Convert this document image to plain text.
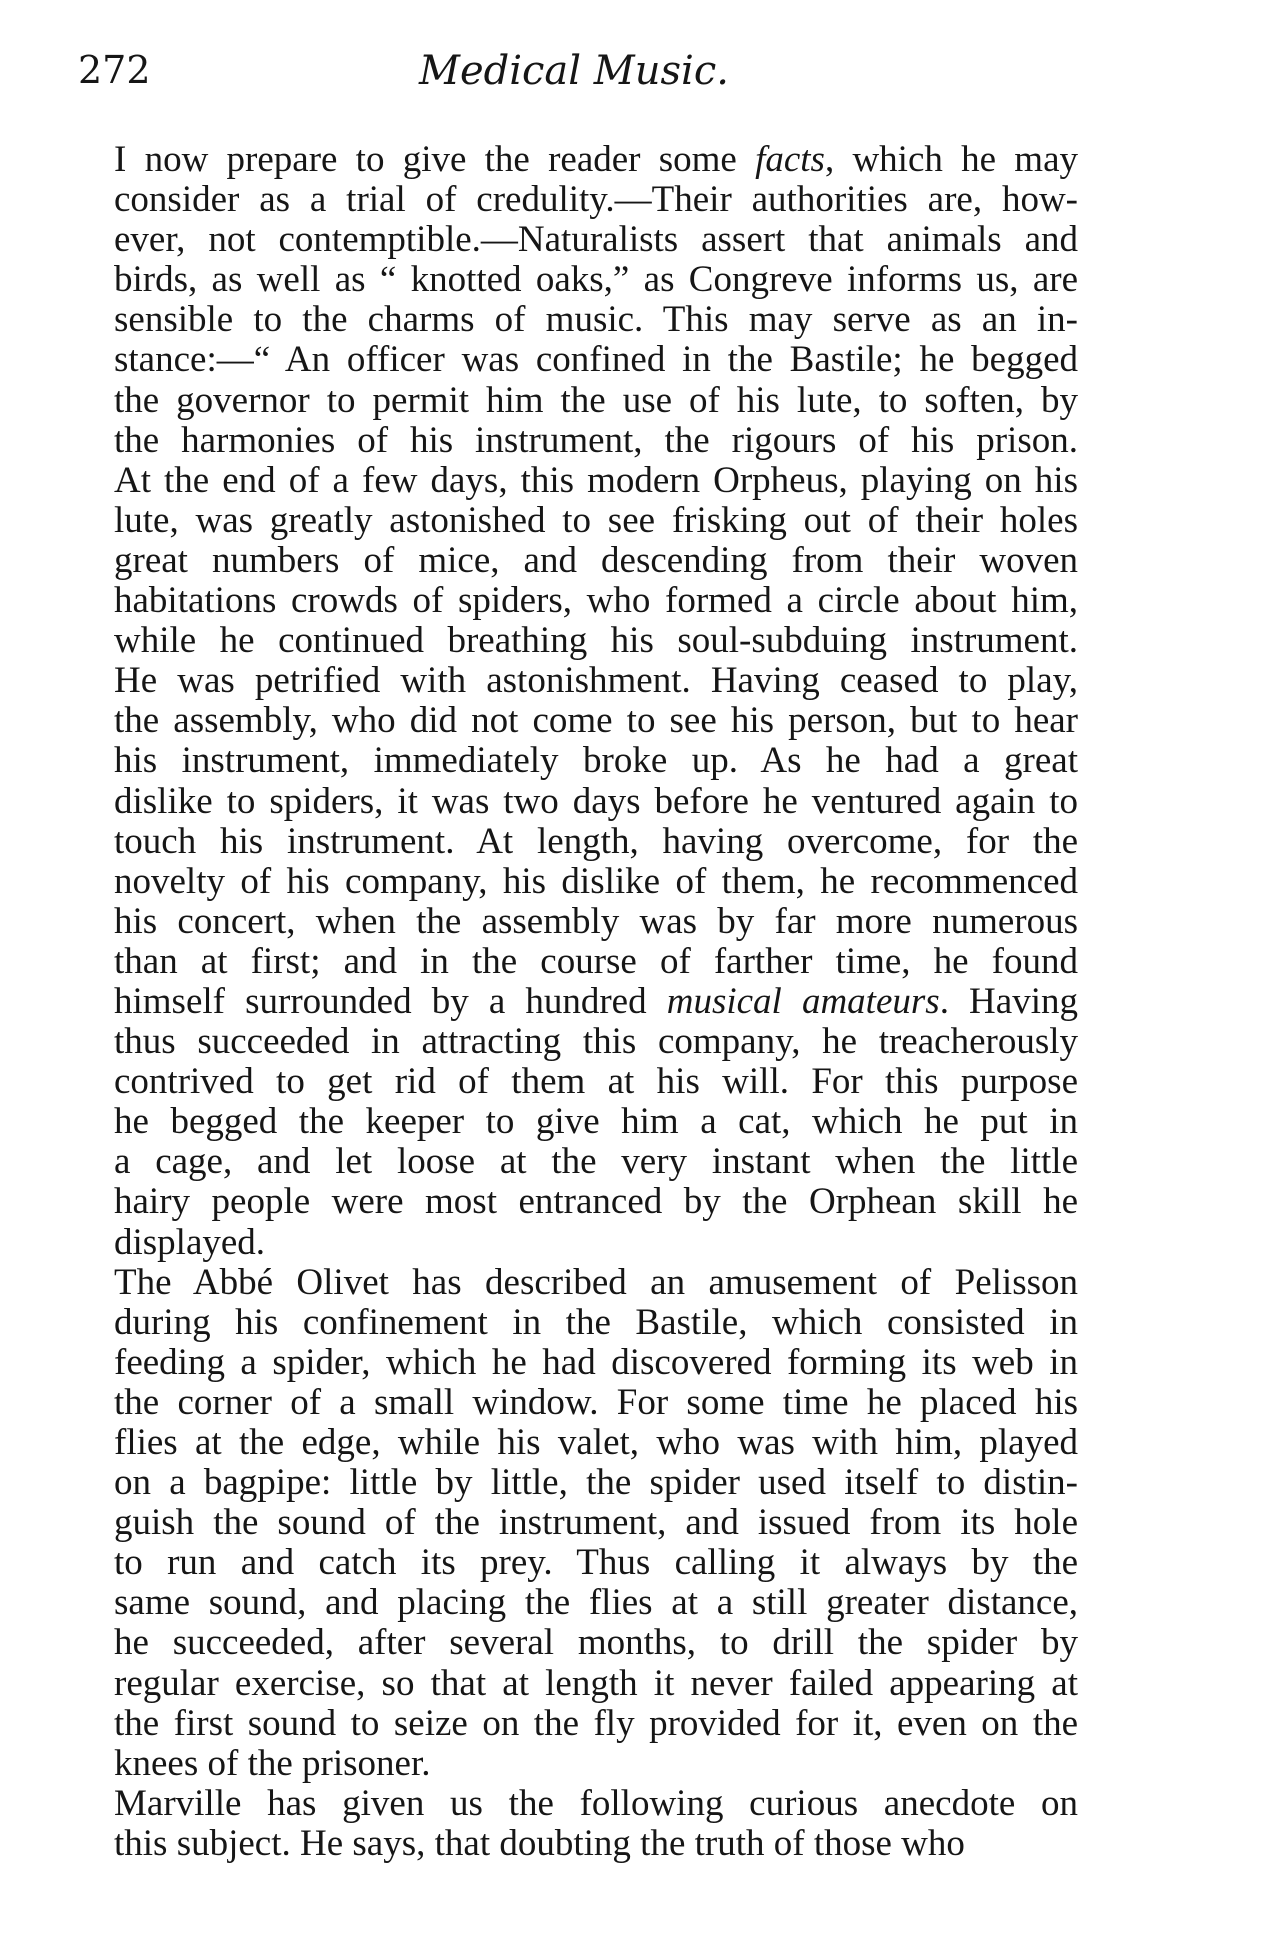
272	Medical Music.

I now prepare to give the reader some facts, which he may
consider as a trial of credulity.—Their authorities are, how-
ever, not contemptible.—Naturalists assert that animals and
birds, as well as “ knotted oaks,” as Congreve informs us, are
sensible to the charms of music. This may serve as an in-
stance:—“ An officer was confined in the Bastile; he begged
the governor to permit him the use of his lute, to soften, by
the harmonies of his instrument, the rigours of his prison.
At the end of a few days, this modern Orpheus, playing on his
lute, was greatly astonished to see frisking out of their holes
great numbers of mice, and descending from their woven
habitations crowds of spiders, who formed a circle about him,
while he continued breathing his soul-subduing instrument.
He was petrified with astonishment. Having ceased to play,
the assembly, who did not come to see his person, but to hear
his instrument, immediately broke up. As he had a great
dislike to spiders, it was two days before he ventured again to
touch his instrument. At length, having overcome, for the
novelty of his company, his dislike of them, he recommenced
his concert, when the assembly was by far more numerous
than at first; and in the course of farther time, he found
himself surrounded by a hundred musical amateurs. Having
thus succeeded in attracting this company, he treacherously
contrived to get rid of them at his will. For this purpose
he begged the keeper to give him a cat, which he put in
a cage, and let loose at the very instant when the little
hairy people were most entranced by the Orphean skill he
displayed.

The Abbé Olivet has described an amusement of Pelisson
during his confinement in the Bastile, which consisted in
feeding a spider, which he had discovered forming its web in
the corner of a small window. For some time he placed his
flies at the edge, while his valet, who was with him, played
on a bagpipe: little by little, the spider used itself to distin-
guish the sound of the instrument, and issued from its hole
to run and catch its prey. Thus calling it always by the
same sound, and placing the flies at a still greater distance,
he succeeded, after several months, to drill the spider by
regular exercise, so that at length it never failed appearing at
the first sound to seize on the fly provided for it, even on the
knees of the prisoner.

Marville has given us the following curious anecdote on
this subject. He says, that doubting the truth of those who
